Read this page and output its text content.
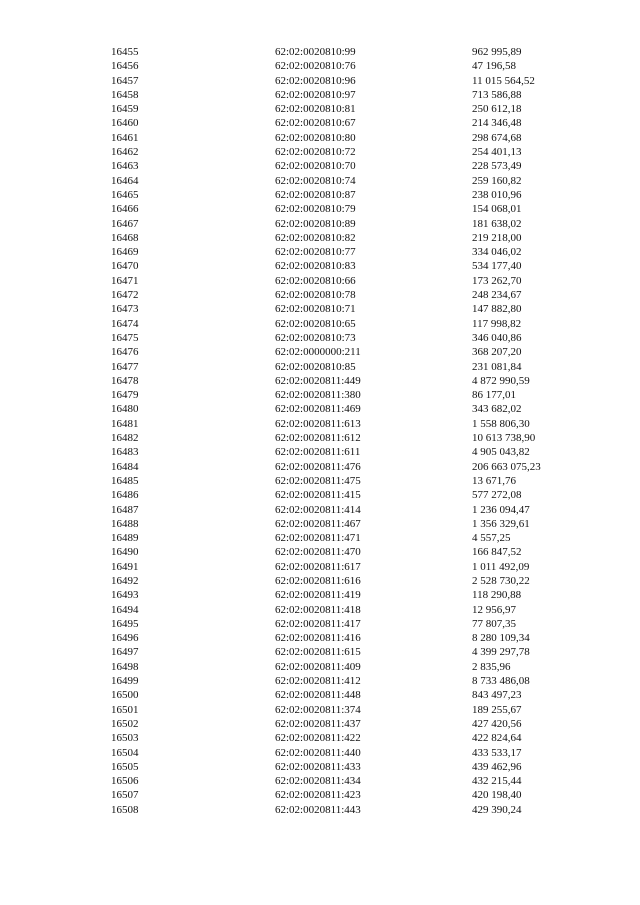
16455	62:02:0020810:99	962 995,89
16456	62:02:0020810:76	47 196,58
16457	62:02:0020810:96	11 015 564,52
16458	62:02:0020810:97	713 586,88
16459	62:02:0020810:81	250 612,18
16460	62:02:0020810:67	214 346,48
16461	62:02:0020810:80	298 674,68
16462	62:02:0020810:72	254 401,13
16463	62:02:0020810:70	228 573,49
16464	62:02:0020810:74	259 160,82
16465	62:02:0020810:87	238 010,96
16466	62:02:0020810:79	154 068,01
16467	62:02:0020810:89	181 638,02
16468	62:02:0020810:82	219 218,00
16469	62:02:0020810:77	334 046,02
16470	62:02:0020810:83	534 177,40
16471	62:02:0020810:66	173 262,70
16472	62:02:0020810:78	248 234,67
16473	62:02:0020810:71	147 882,80
16474	62:02:0020810:65	117 998,82
16475	62:02:0020810:73	346 040,86
16476	62:02:0000000:211	368 207,20
16477	62:02:0020810:85	231 081,84
16478	62:02:0020811:449	4 872 990,59
16479	62:02:0020811:380	86 177,01
16480	62:02:0020811:469	343 682,02
16481	62:02:0020811:613	1 558 806,30
16482	62:02:0020811:612	10 613 738,90
16483	62:02:0020811:611	4 905 043,82
16484	62:02:0020811:476	206 663 075,23
16485	62:02:0020811:475	13 671,76
16486	62:02:0020811:415	577 272,08
16487	62:02:0020811:414	1 236 094,47
16488	62:02:0020811:467	1 356 329,61
16489	62:02:0020811:471	4 557,25
16490	62:02:0020811:470	166 847,52
16491	62:02:0020811:617	1 011 492,09
16492	62:02:0020811:616	2 528 730,22
16493	62:02:0020811:419	118 290,88
16494	62:02:0020811:418	12 956,97
16495	62:02:0020811:417	77 807,35
16496	62:02:0020811:416	8 280 109,34
16497	62:02:0020811:615	4 399 297,78
16498	62:02:0020811:409	2 835,96
16499	62:02:0020811:412	8 733 486,08
16500	62:02:0020811:448	843 497,23
16501	62:02:0020811:374	189 255,67
16502	62:02:0020811:437	427 420,56
16503	62:02:0020811:422	422 824,64
16504	62:02:0020811:440	433 533,17
16505	62:02:0020811:433	439 462,96
16506	62:02:0020811:434	432 215,44
16507	62:02:0020811:423	420 198,40
16508	62:02:0020811:443	429 390,24
